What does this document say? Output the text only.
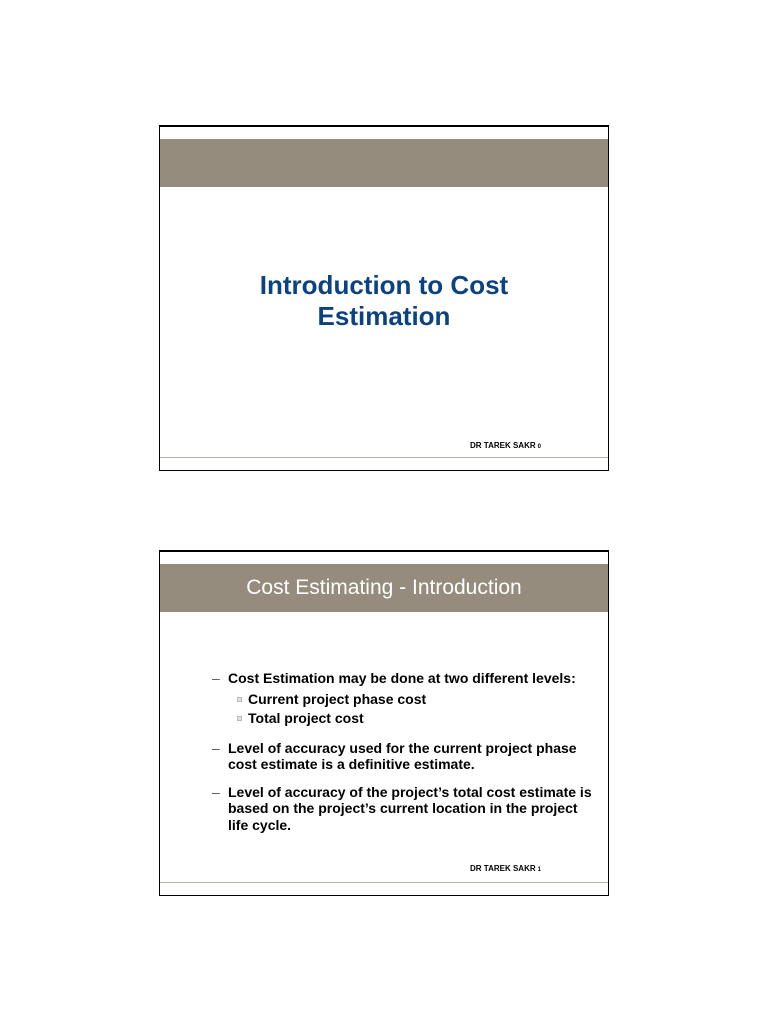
Introduction to Cost
Estimation
DR TAREK SAKR 0
Cost Estimating - Introduction
– Cost Estimation may be done at two different levels:
Current project phase cost
Total project cost
– Level of accuracy used for the current project phase cost estimate is a definitive estimate.
– Level of accuracy of the project’s total cost estimate is based on the project’s current location in the project life cycle.
DR TAREK SAKR 1
